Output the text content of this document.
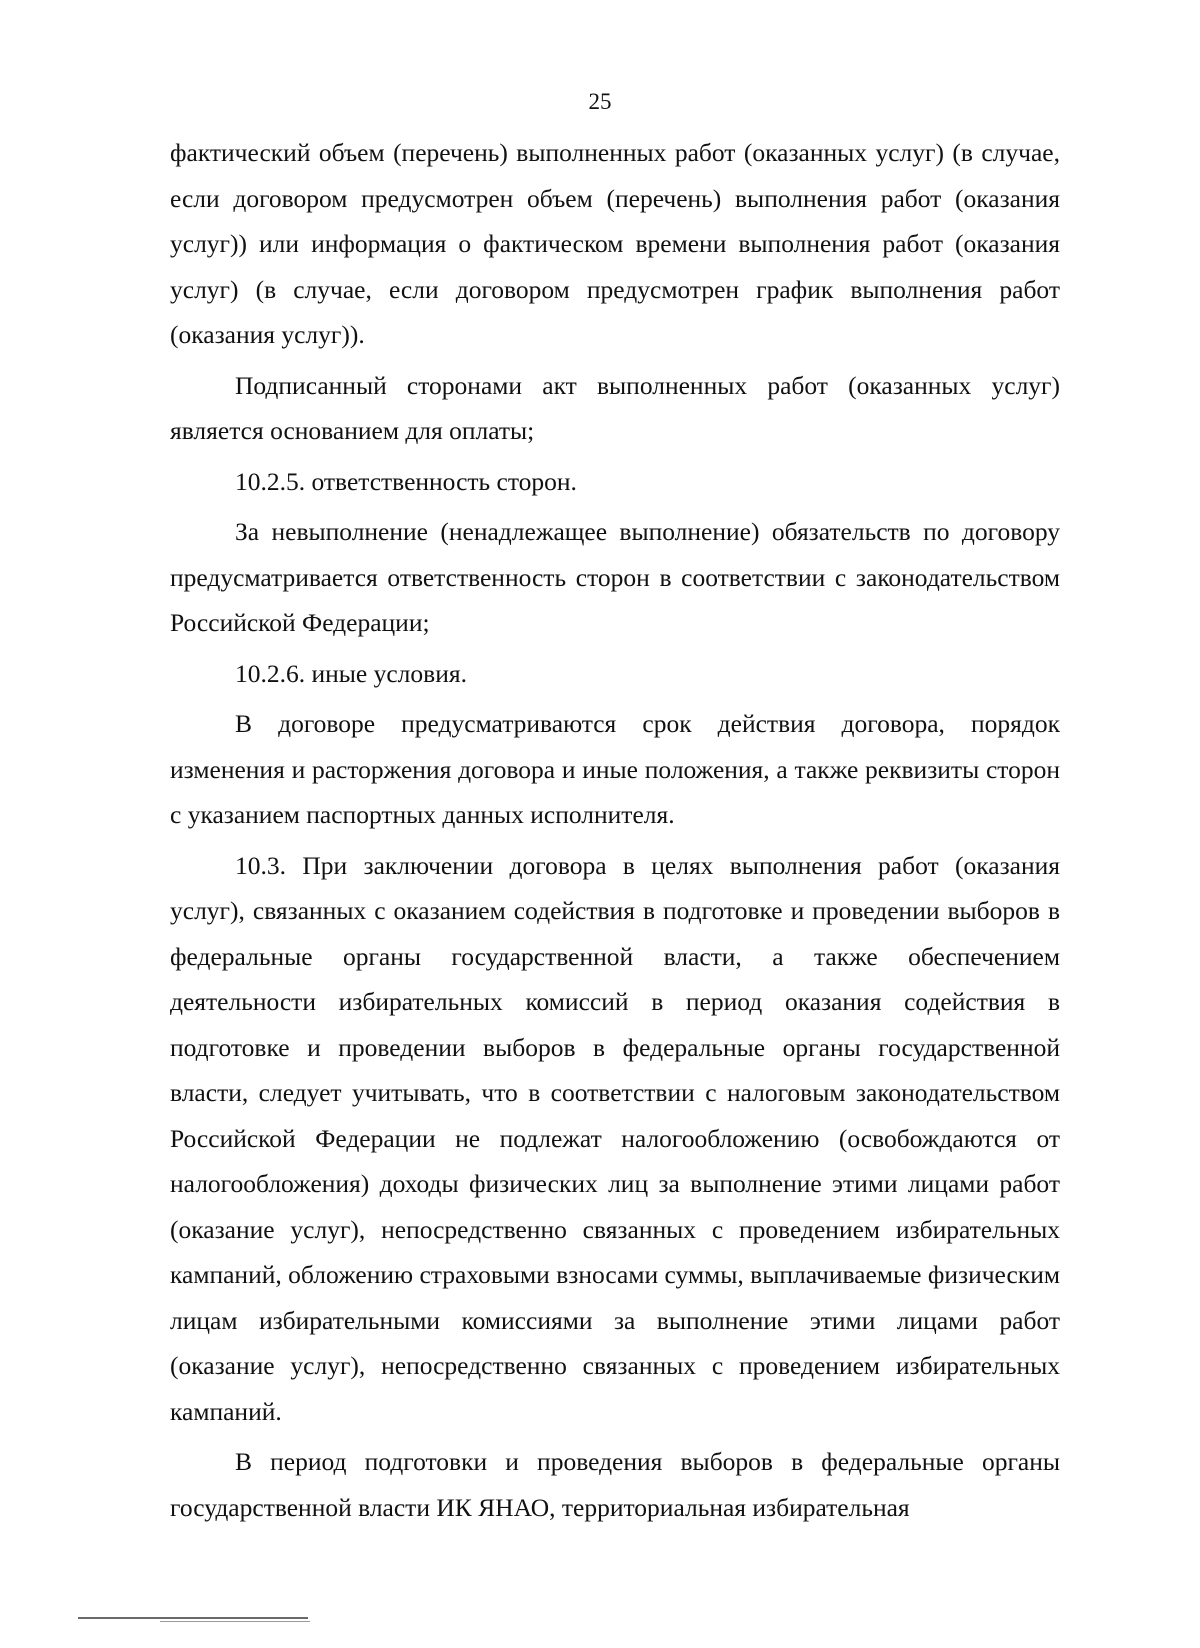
25

фактический объем (перечень) выполненных работ (оказанных услуг) (в случае, если договором предусмотрен объем (перечень) выполнения работ (оказания услуг)) или информация о фактическом времени выполнения работ (оказания услуг) (в случае, если договором предусмотрен график выполнения работ (оказания услуг)).

Подписанный сторонами акт выполненных работ (оказанных услуг) является основанием для оплаты;

10.2.5. ответственность сторон.

За невыполнение (ненадлежащее выполнение) обязательств по договору предусматривается ответственность сторон в соответствии с законодательством Российской Федерации;

10.2.6. иные условия.

В договоре предусматриваются срок действия договора, порядок изменения и расторжения договора и иные положения, а также реквизиты сторон с указанием паспортных данных исполнителя.

10.3. При заключении договора в целях выполнения работ (оказания услуг), связанных с оказанием содействия в подготовке и проведении выборов в федеральные органы государственной власти, а также обеспечением деятельности избирательных комиссий в период оказания содействия в подготовке и проведении выборов в федеральные органы государственной власти, следует учитывать, что в соответствии с налоговым законодательством Российской Федерации не подлежат налогообложению (освобождаются от налогообложения) доходы физических лиц за выполнение этими лицами работ (оказание услуг), непосредственно связанных с проведением избирательных кампаний, обложению страховыми взносами суммы, выплачиваемые физическим лицам избирательными комиссиями за выполнение этими лицами работ (оказание услуг), непосредственно связанных с проведением избирательных кампаний.

В период подготовки и проведения выборов в федеральные органы государственной власти ИК ЯНАО, территориальная избирательная
